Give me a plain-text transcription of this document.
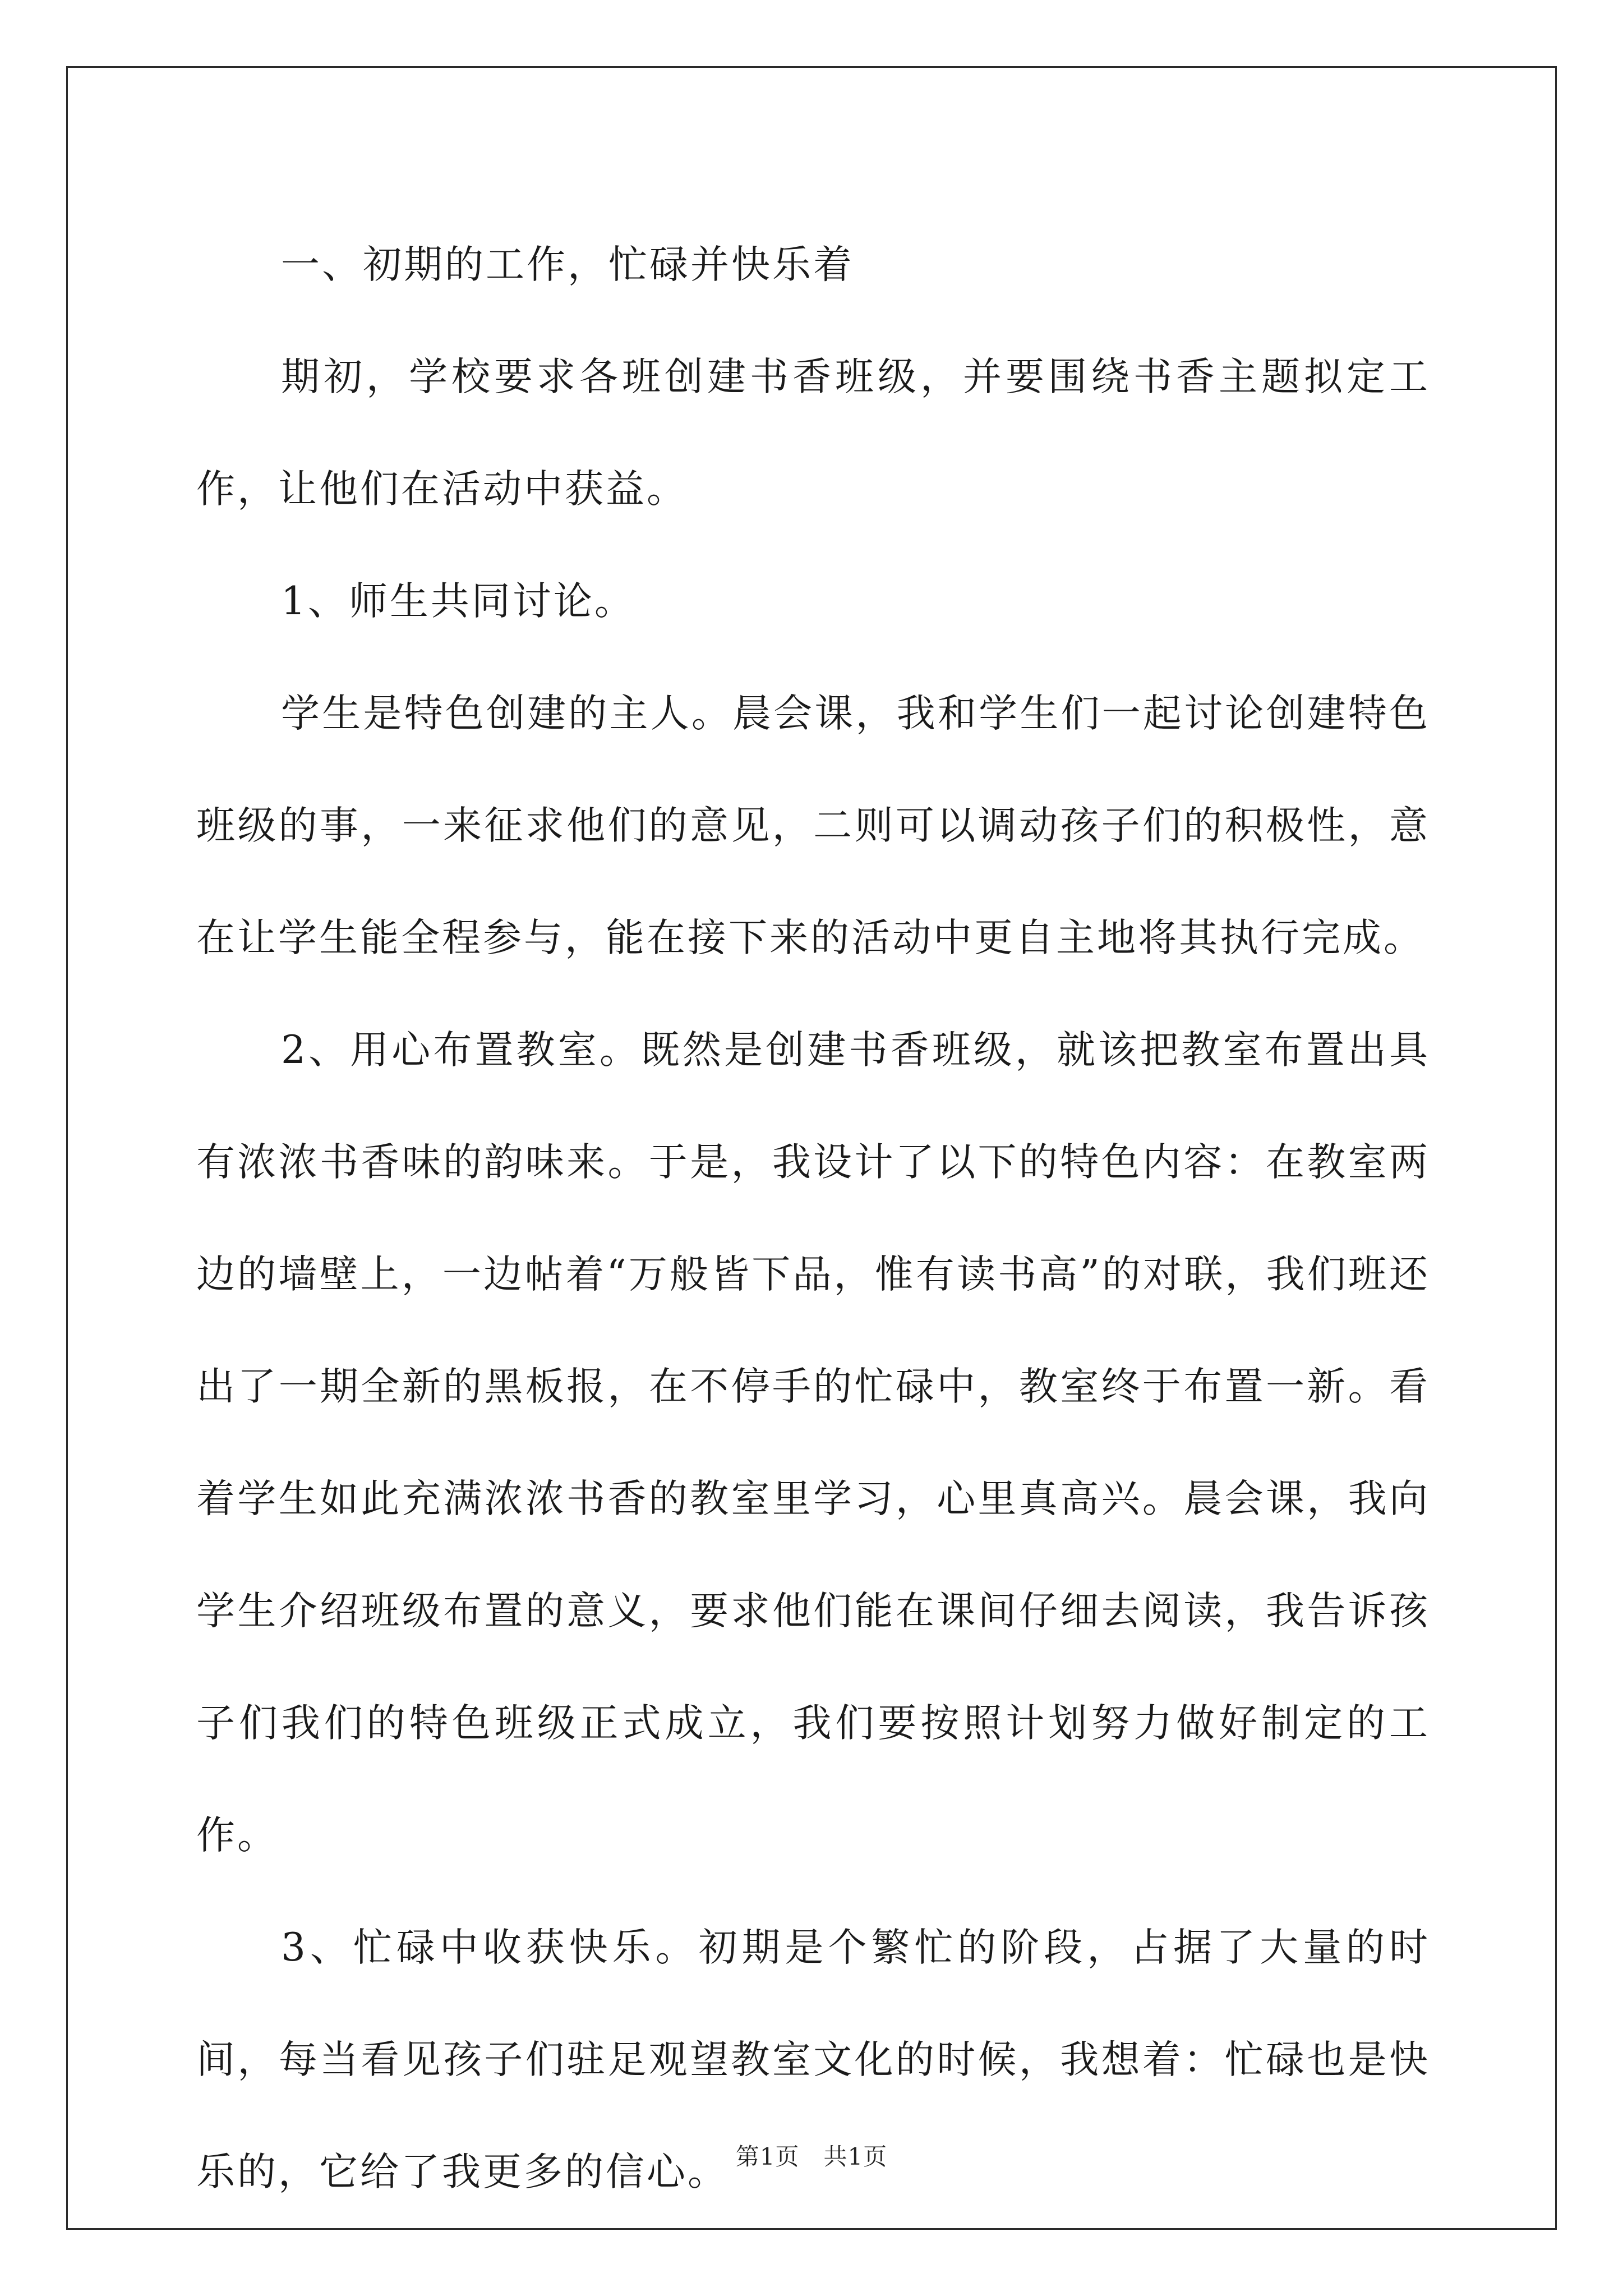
一、初期的工作，忙碌并快乐着

期初，学校要求各班创建书香班级，并要围绕书香主题拟定工作，让他们在活动中获益。

1、师生共同讨论。

学生是特色创建的主人。晨会课，我和学生们一起讨论创建特色班级的事，一来征求他们的意见，二则可以调动孩子们的积极性，意在让学生能全程参与，能在接下来的活动中更自主地将其执行完成。

2、用心布置教室。既然是创建书香班级，就该把教室布置出具有浓浓书香味的韵味来。于是，我设计了以下的特色内容：在教室两边的墙壁上，一边帖着“万般皆下品，惟有读书高”的对联，我们班还出了一期全新的黑板报，在不停手的忙碌中，教室终于布置一新。看着学生如此充满浓浓书香的教室里学习，心里真高兴。晨会课，我向学生介绍班级布置的意义，要求他们能在课间仔细去阅读，我告诉孩子们我们的特色班级正式成立，我们要按照计划努力做好制定的工作。

3、忙碌中收获快乐。初期是个繁忙的阶段，占据了大量的时间，每当看见孩子们驻足观望教室文化的时候，我想着：忙碌也是快乐的，它给了我更多的信心。 第1页 共1页
